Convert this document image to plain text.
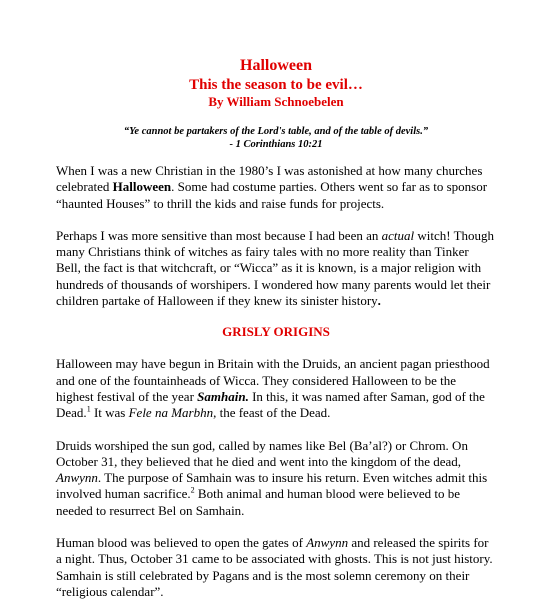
Halloween
This the season to be evil…
By William Schnoebelen
“Ye cannot be partakers of the Lord's table, and of the table of devils.”
- 1 Corinthians 10:21

When I was a new Christian in the 1980’s I was astonished at how many churches celebrated Halloween. Some had costume parties. Others went so far as to sponsor “haunted Houses” to thrill the kids and raise funds for projects.

Perhaps I was more sensitive than most because I had been an actual witch! Though many Christians think of witches as fairy tales with no more reality than Tinker Bell, the fact is that witchcraft, or “Wicca” as it is known, is a major religion with hundreds of thousands of worshipers. I wondered how many parents would let their children partake of Halloween if they knew its sinister history.

GRISLY ORIGINS

Halloween may have begun in Britain with the Druids, an ancient pagan priesthood and one of the fountainheads of Wicca. They considered Halloween to be the highest festival of the year Samhain. In this, it was named after Saman, god of the Dead.$^1$ It was Fele na Marbhn, the feast of the Dead.

Druids worshiped the sun god, called by names like Bel (Ba’al?) or Chrom. On October 31, they believed that he died and went into the kingdom of the dead, Anwynn. The purpose of Samhain was to insure his return. Even witches admit this involved human sacrifice.$^2$ Both animal and human blood were believed to be needed to resurrect Bel on Samhain.

Human blood was believed to open the gates of Anwynn and released the spirits for a night. Thus, October 31 came to be associated with ghosts. This is not just history. Samhain is still celebrated by Pagans and is the most solemn ceremony on their “religious calendar”.
